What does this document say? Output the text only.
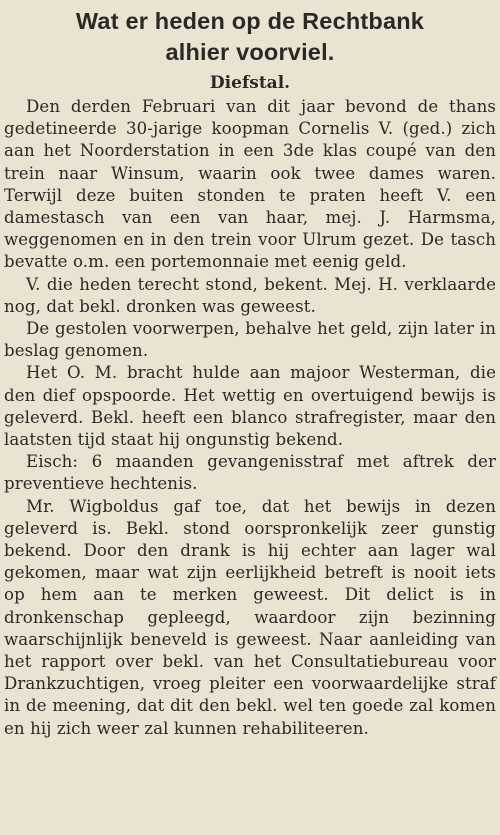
Wat er heden op de Rechtbank
alhier voorviel.
Diefstal.

Den derden Februari van dit jaar bevond de thans gedetineerde 30-jarige koopman Cornelis V. (ged.) zich aan het Noorderstation in een 3de klas coupé van den trein naar Winsum, waarin ook twee dames waren. Terwijl deze buiten stonden te praten heeft V. een damestasch van een van haar, mej. J. Harmsma, weggenomen en in den trein voor Ulrum gezet. De tasch bevatte o.m. een portemonnaie met eenig geld.

V. die heden terecht stond, bekent. Mej. H. verklaarde nog, dat bekl. dronken was geweest.

De gestolen voorwerpen, behalve het geld, zijn later in beslag genomen.

Het O. M. bracht hulde aan majoor Westerman, die den dief opspoorde. Het wettig en overtuigend bewijs is geleverd. Bekl. heeft een blanco strafregister, maar den laatsten tijd staat hij ongunstig bekend.

Eisch: 6 maanden gevangenisstraf met aftrek der preventieve hechtenis.

Mr. Wigboldus gaf toe, dat het bewijs in dezen geleverd is. Bekl. stond oorspronkelijk zeer gunstig bekend. Door den drank is hij echter aan lager wal gekomen, maar wat zijn eerlijkheid betreft is nooit iets op hem aan te merken geweest. Dit delict is in dronkenschap gepleegd, waardoor zijn bezinning waarschijnlijk beneveld is geweest. Naar aanleiding van het rapport over bekl. van het Consultatiebureau voor Drankzuchtigen, vroeg pleiter een voorwaardelijke straf in de meening, dat dit den bekl. wel ten goede zal komen en hij zich weer zal kunnen rehabiliteeren.
